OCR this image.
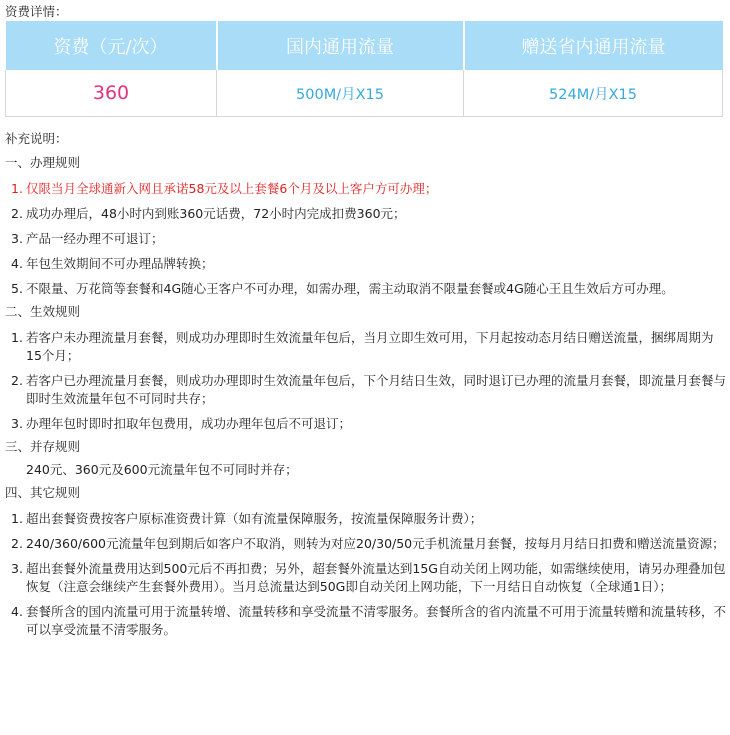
资费详情：
资费（元/次）	国内通用流量	赠送省内通用流量
360	500M/月X15	524M/月X15
补充说明：
一、办理规则
1. 仅限当月全球通新入网且承诺58元及以上套餐6个月及以上客户方可办理；
2. 成功办理后，48小时内到账360元话费，72小时内完成扣费360元；
3. 产品一经办理不可退订；
4. 年包生效期间不可办理品牌转换；
5. 不限量、万花筒等套餐和4G随心王客户不可办理，如需办理，需主动取消不限量套餐或4G随心王且生效后方可办理。
二、生效规则
1. 若客户未办理流量月套餐，则成功办理即时生效流量年包后，当月立即生效可用，下月起按动态月结日赠送流量，捆绑周期为15个月；
2. 若客户已办理流量月套餐，则成功办理即时生效流量年包后，下个月结日生效，同时退订已办理的流量月套餐，即流量月套餐与即时生效流量年包不可同时共存；
3. 办理年包时即时扣取年包费用，成功办理年包后不可退订；
三、并存规则
240元、360元及600元流量年包不可同时并存；
四、其它规则
1. 超出套餐资费按客户原标准资费计算（如有流量保障服务，按流量保障服务计费）；
2. 240/360/600元流量年包到期后如客户不取消，则转为对应20/30/50元手机流量月套餐，按每月月结日扣费和赠送流量资源；
3. 超出套餐外流量费用达到500元后不再扣费；另外，超套餐外流量达到15G自动关闭上网功能，如需继续使用，请另办理叠加包恢复（注意会继续产生套餐外费用）。当月总流量达到50G即自动关闭上网功能，下一月结日自动恢复（全球通1日）；
4. 套餐所含的国内流量可用于流量转增、流量转移和享受流量不清零服务。套餐所含的省内流量不可用于流量转赠和流量转移，不可以享受流量不清零服务。
